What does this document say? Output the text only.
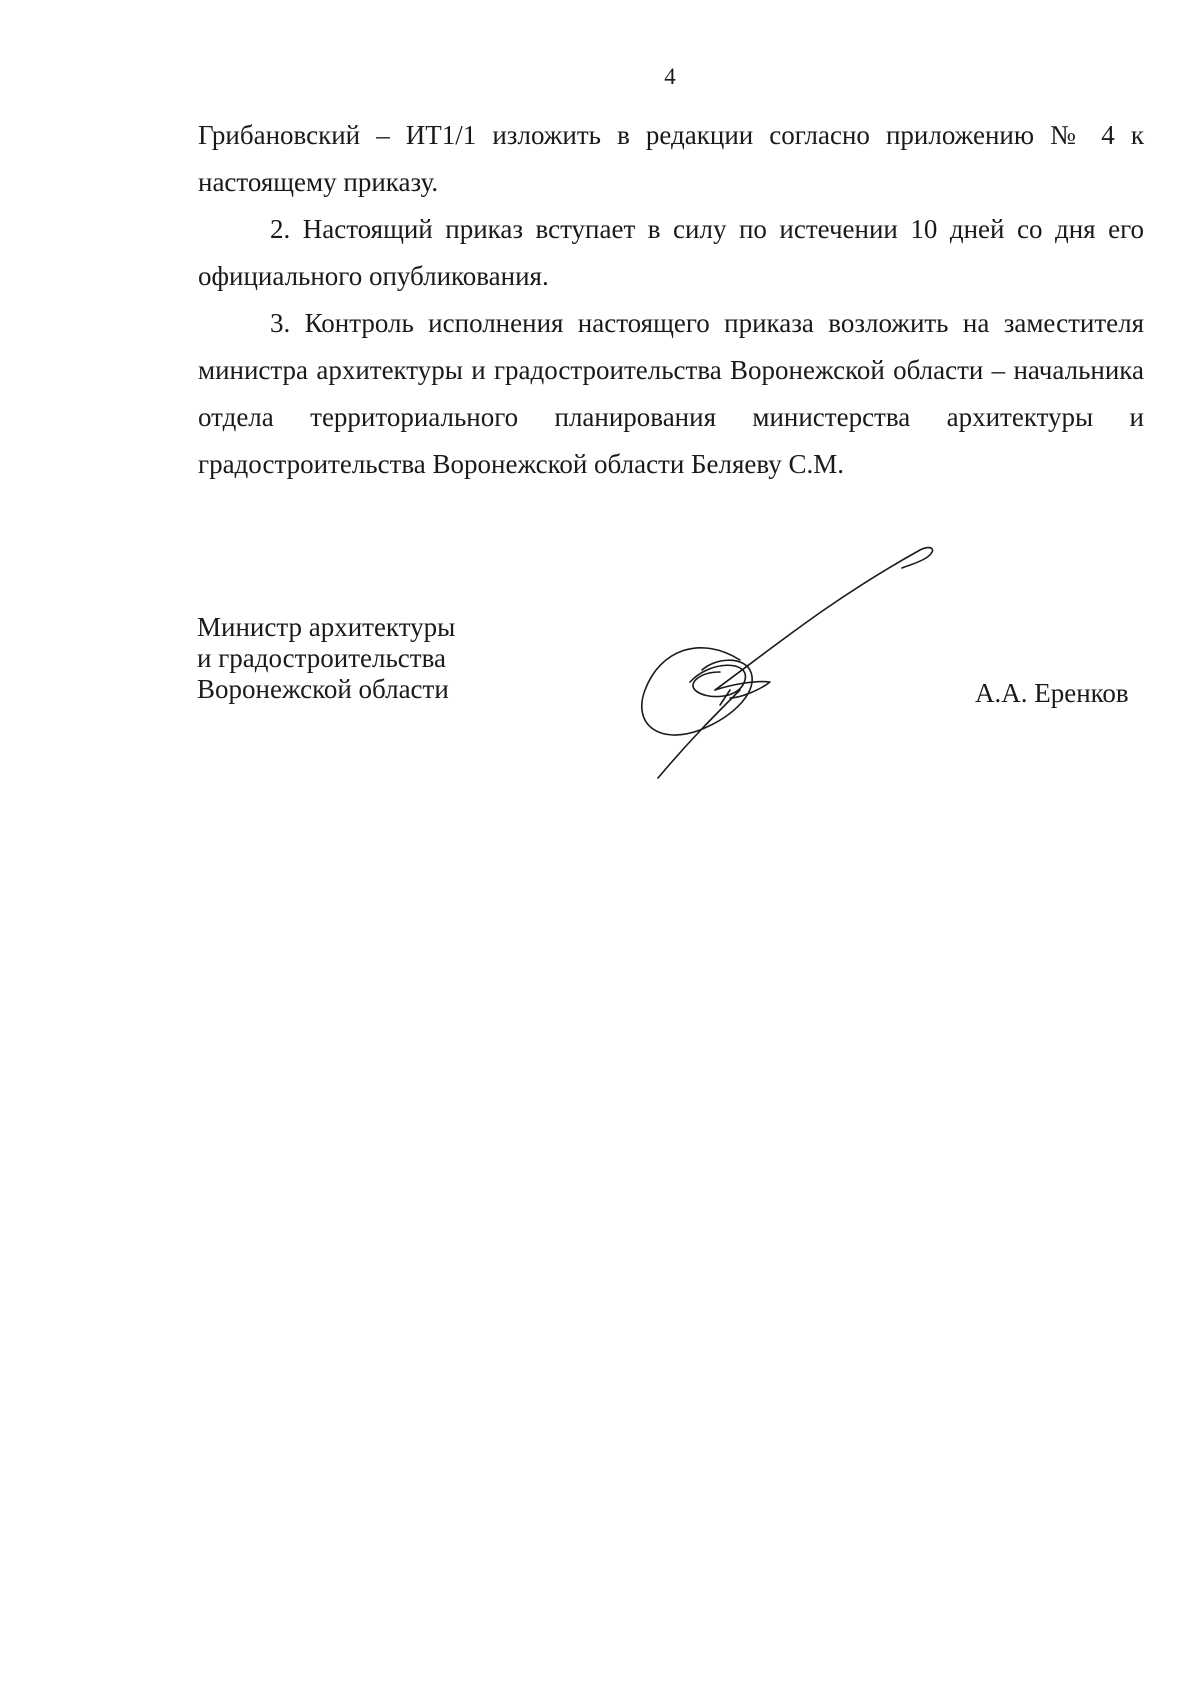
4

Грибановский – ИТ1/1 изложить в редакции согласно приложению № 4 к настоящему приказу.

2. Настоящий приказ вступает в силу по истечении 10 дней со дня его официального опубликования.

3. Контроль исполнения настоящего приказа возложить на заместителя министра архитектуры и градостроительства Воронежской области – начальника отдела территориального планирования министерства архитектуры и градостроительства Воронежской области Беляеву С.М.

Министр архитектуры
и градостроительства
Воронежской области	А.А. Еренков
